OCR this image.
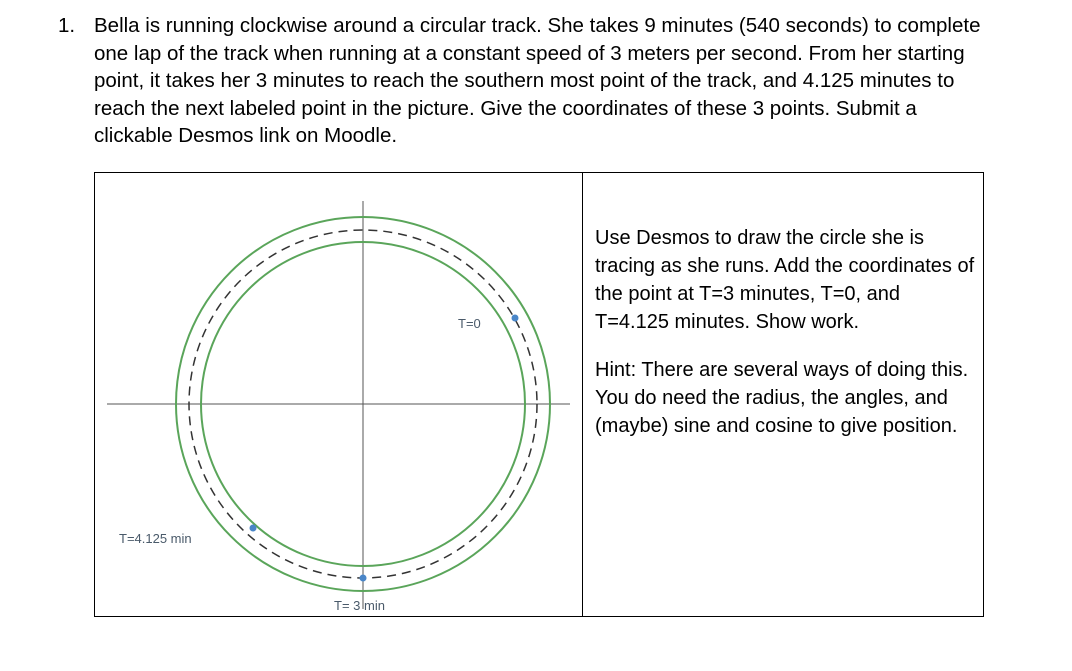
1. Bella is running clockwise around a circular track. She takes 9 minutes (540 seconds) to complete one lap of the track when running at a constant speed of 3 meters per second. From her starting point, it takes her 3 minutes to reach the southern most point of the track, and 4.125 minutes to reach the next labeled point in the picture. Give the coordinates of these 3 points. Submit a clickable Desmos link on Moodle.
T=0
T= 3 min
T=4.125 min
Use Desmos to draw the circle she is tracing as she runs. Add the coordinates of the point at T=3 minutes, T=0, and T=4.125 minutes. Show work.
Hint: There are several ways of doing this. You do need the radius, the angles, and (maybe) sine and cosine to give position.
